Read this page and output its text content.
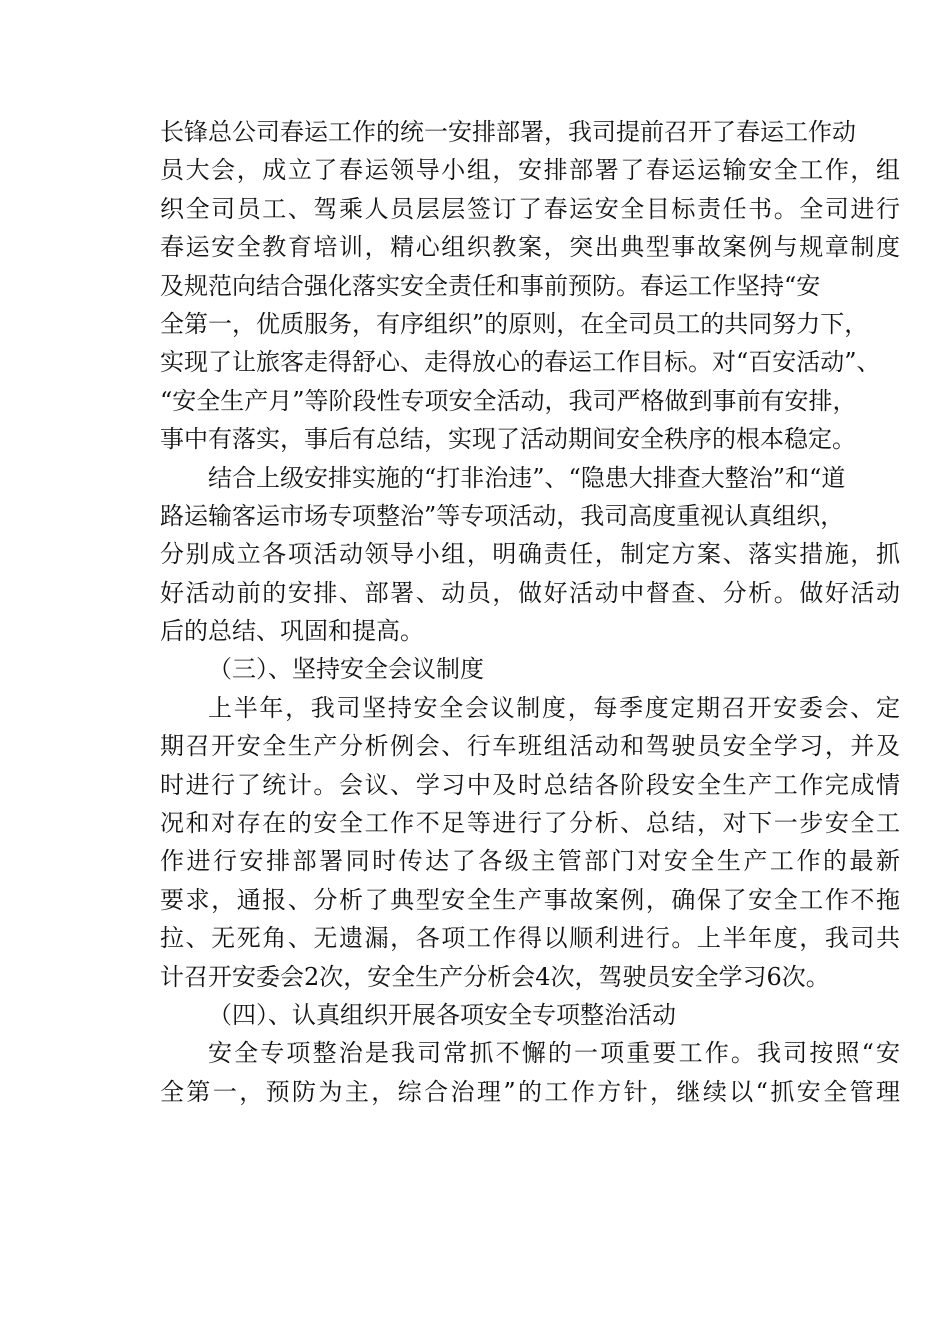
长锋总公司春运工作的统一安排部署，我司提前召开了春运工作动
员大会，成立了春运领导小组，安排部署了春运运输安全工作，组
织全司员工、驾乘人员层层签订了春运安全目标责任书。全司进行
春运安全教育培训，精心组织教案，突出典型事故案例与规章制度
及规范向结合强化落实安全责任和事前预防。春运工作坚持“安
全第一，优质服务，有序组织”的原则，在全司员工的共同努力下，
实现了让旅客走得舒心、走得放心的春运工作目标。对“百安活动”、
“安全生产月”等阶段性专项安全活动，我司严格做到事前有安排，
事中有落实，事后有总结，实现了活动期间安全秩序的根本稳定。
结合上级安排实施的“打非治违”、“隐患大排查大整治”和“道
路运输客运市场专项整治”等专项活动，我司高度重视认真组织，
分别成立各项活动领导小组，明确责任，制定方案、落实措施，抓
好活动前的安排、部署、动员，做好活动中督查、分析。做好活动
后的总结、巩固和提高。
（三）、坚持安全会议制度
上半年，我司坚持安全会议制度，每季度定期召开安委会、定
期召开安全生产分析例会、行车班组活动和驾驶员安全学习，并及
时进行了统计。会议、学习中及时总结各阶段安全生产工作完成情
况和对存在的安全工作不足等进行了分析、总结，对下一步安全工
作进行安排部署同时传达了各级主管部门对安全生产工作的最新
要求，通报、分析了典型安全生产事故案例，确保了安全工作不拖
拉、无死角、无遗漏，各项工作得以顺利进行。上半年度，我司共
计召开安委会2次，安全生产分析会4次，驾驶员安全学习6次。
（四）、认真组织开展各项安全专项整治活动
安全专项整治是我司常抓不懈的一项重要工作。我司按照“安
全第一，预防为主，综合治理”的工作方针，继续以“抓安全管理
